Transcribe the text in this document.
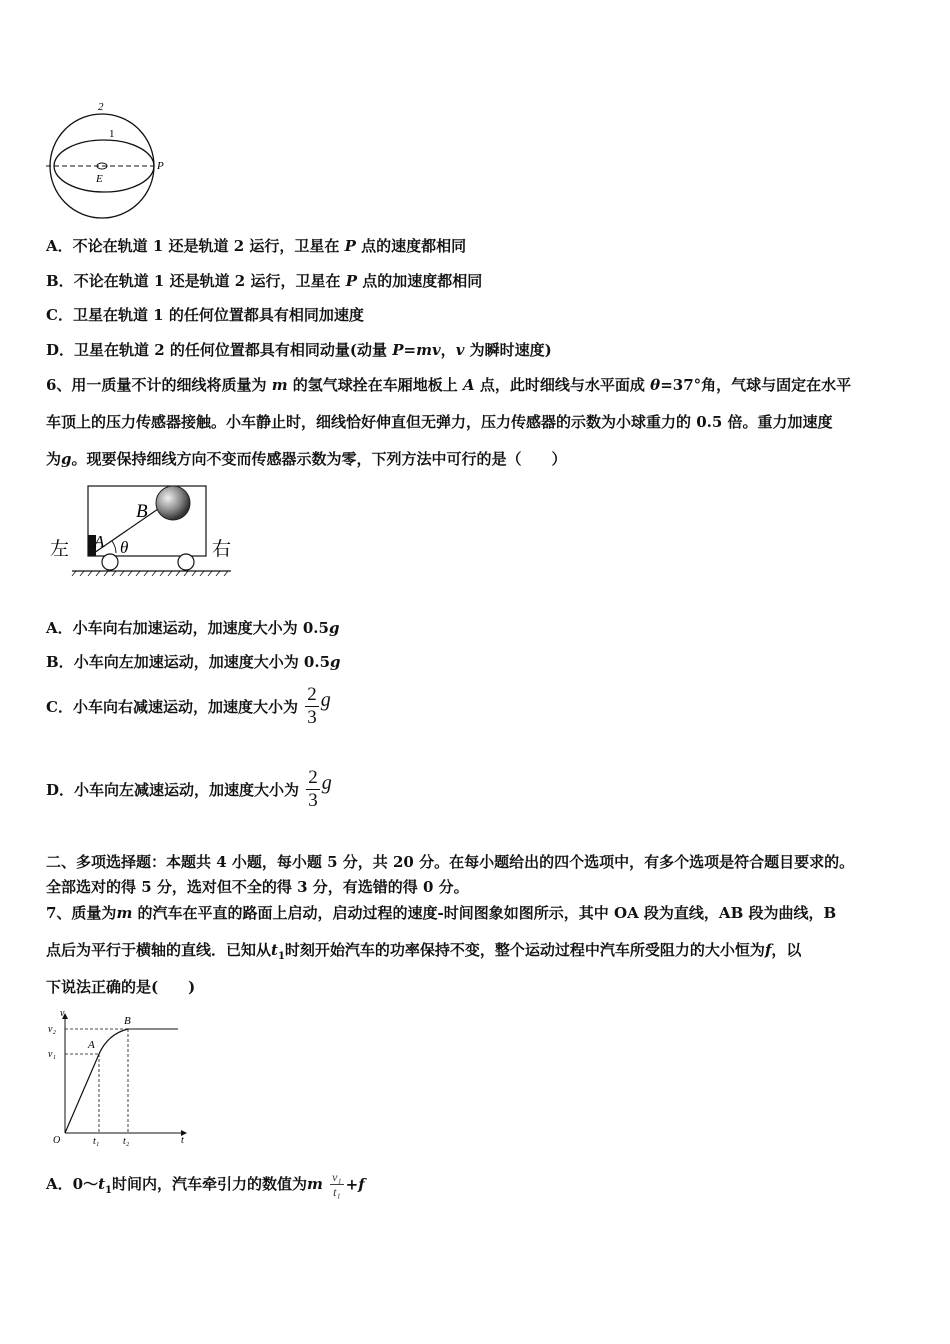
2
1
P
E
A．不论在轨道 1 还是轨道 2 运行，卫星在 P 点的速度都相同
B．不论在轨道 1 还是轨道 2 运行，卫星在 P 点的加速度都相同
C．卫星在轨道 1 的任何位置都具有相同加速度
D．卫星在轨道 2 的任何位置都具有相同动量(动量 P=mv，v 为瞬时速度)
6、用一质量不计的细线将质量为 m 的氢气球拴在车厢地板上 A 点，此时细线与水平面成 θ=37°角，气球与固定在水平
车顶上的压力传感器接触。小车静止时，细线恰好伸直但无弹力，压力传感器的示数为小球重力的 0.5 倍。重力加速度
为g。现要保持细线方向不变而传感器示数为零，下列方法中可行的是（　　）
左	右
A
B
θ
A．小车向右加速运动，加速度大小为 0.5g
B．小车向左加速运动，加速度大小为 0.5g
C．小车向右减速运动，加速度大小为 $\frac{2}{3}$ g
D．小车向左减速运动，加速度大小为 $\frac{2}{3}$ g
二、多项选择题：本题共 4 小题，每小题 5 分，共 20 分。在每小题给出的四个选项中，有多个选项是符合题目要求的。
全部选对的得 5 分，选对但不全的得 3 分，有选错的得 0 分。
7、质量为m 的汽车在平直的路面上启动，启动过程的速度-时间图象如图所示，其中 OA 段为直线，AB 段为曲线，B
点后为平行于横轴的直线．已知从$t_1$时刻开始汽车的功率保持不变，整个运动过程中汽车所受阻力的大小恒为f，以
下说法正确的是(　　)
v
t
O
v₂
v₁
t₁ t₂
A
B
A．$0\sim t_1$时间内，汽车牵引力的数值为m $\frac{\text{v₁}}{\text{t₁}} +f$
